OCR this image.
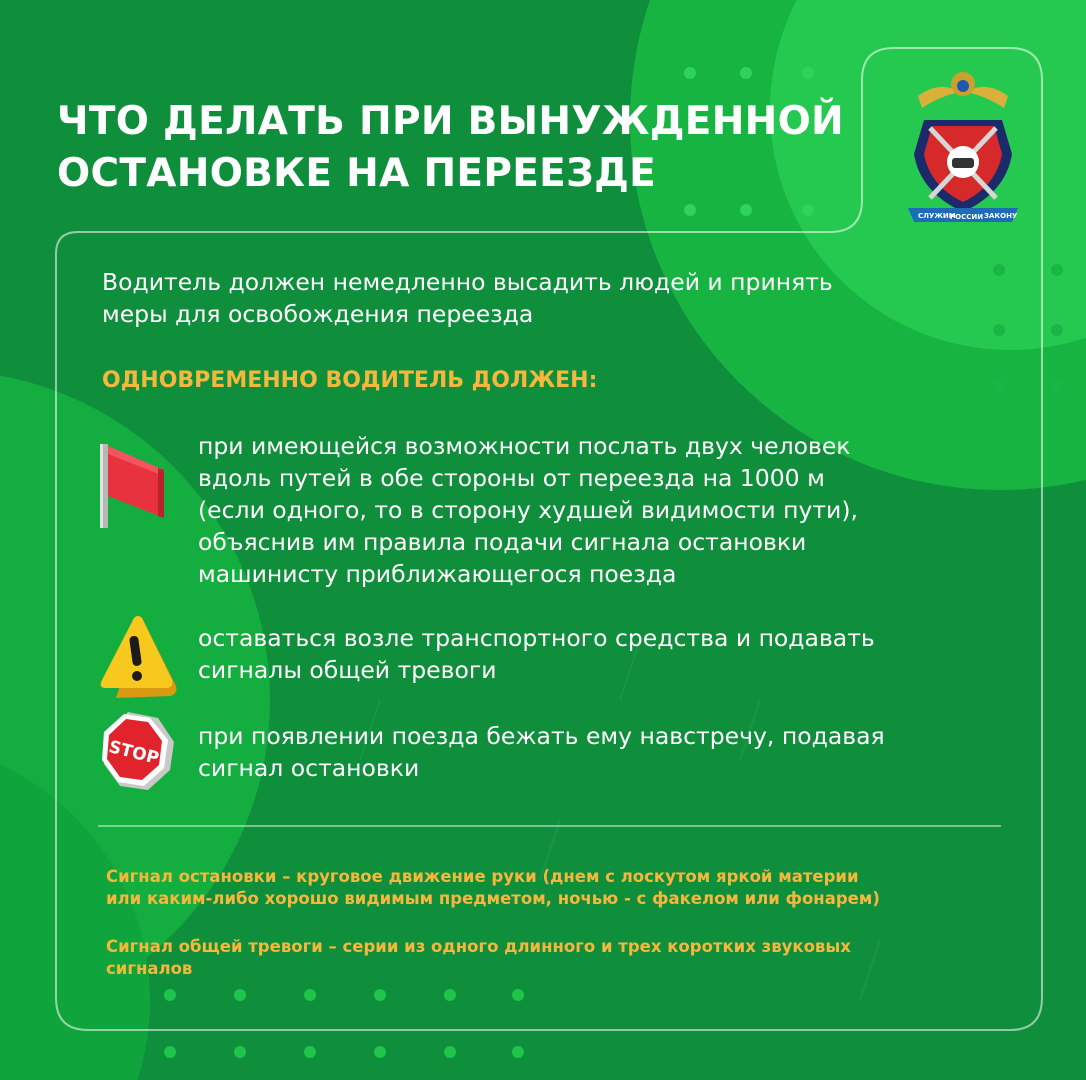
ЧТО ДЕЛАТЬ ПРИ ВЫНУЖДЕННОЙ
ОСТАНОВКЕ НА ПЕРЕЕЗДЕ
СЛУЖИМ
РОССИИ ЗАКОНУ

Водитель должен немедленно высадить людей и принять
меры для освобождения переезда

ОДНОВРЕМЕННО ВОДИТЕЛЬ ДОЛЖЕН:

при имеющейся возможности послать двух человек
вдоль путей в обе стороны от переезда на 1000 м
(если одного, то в сторону худшей видимости пути),
объяснив им правила подачи сигнала остановки
машинисту приближающегося поезда

оставаться возле транспортного средства и подавать
сигналы общей тревоги

STOP

при появлении поезда бежать ему навстречу, подавая
сигнал остановки

Сигнал остановки – круговое движение руки (днем с лоскутом яркой материи
или каким-либо хорошо видимым предметом, ночью - с факелом или фонарем)

Сигнал общей тревоги – серии из одного длинного и трех коротких звуковых
сигналов
